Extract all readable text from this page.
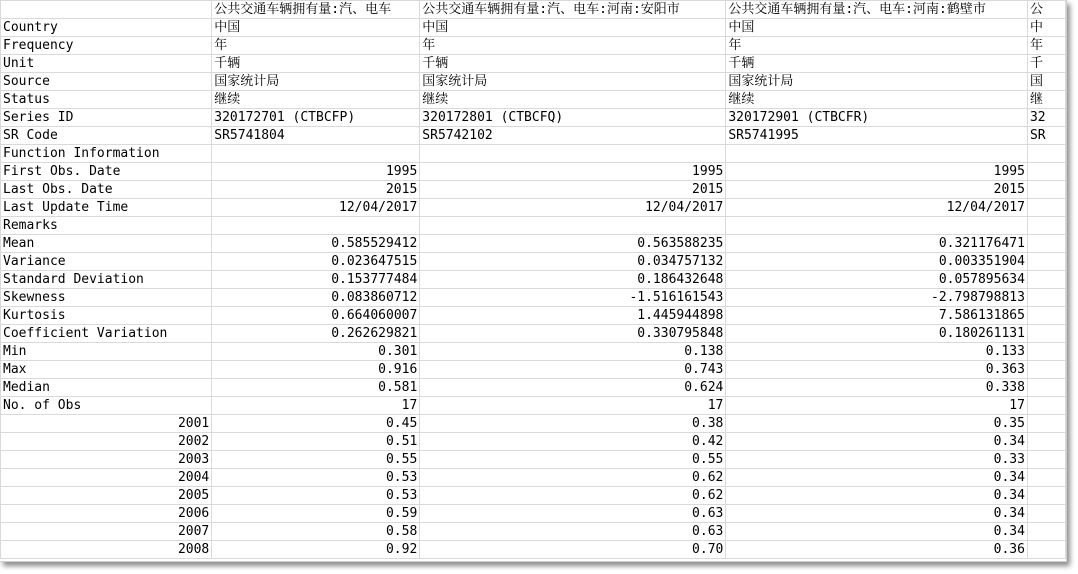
	公共交通车辆拥有量:汽、电车	公共交通车辆拥有量:汽、电车:河南:安阳市	公共交通车辆拥有量:汽、电车:河南:鹤壁市	公
Country	中国	中国	中国	中
Frequency	年	年	年	年
Unit	千辆	千辆	千辆	千
Source	国家统计局	国家统计局	国家统计局	国
Status	继续	继续	继续	继
Series ID	320172701 (CTBCFP)	320172801 (CTBCFQ)	320172901 (CTBCFR)	32
SR Code	SR5741804	SR5742102	SR5741995	SR
Function Information				
First Obs. Date	1995	1995	1995	
Last Obs. Date	2015	2015	2015	
Last Update Time	12/04/2017	12/04/2017	12/04/2017	
Remarks				
Mean	0.585529412	0.563588235	0.321176471	
Variance	0.023647515	0.034757132	0.003351904	
Standard Deviation	0.153777484	0.186432648	0.057895634	
Skewness	0.083860712	-1.516161543	-2.798798813	
Kurtosis	0.664060007	1.445944898	7.586131865	
Coefficient Variation	0.262629821	0.330795848	0.180261131	
Min	0.301	0.138	0.133	
Max	0.916	0.743	0.363	
Median	0.581	0.624	0.338	
No. of Obs	17	17	17	
2001	0.45	0.38	0.35	
2002	0.51	0.42	0.34	
2003	0.55	0.55	0.33	
2004	0.53	0.62	0.34	
2005	0.53	0.62	0.34	
2006	0.59	0.63	0.34	
2007	0.58	0.63	0.34	
2008	0.92	0.70	0.36	
